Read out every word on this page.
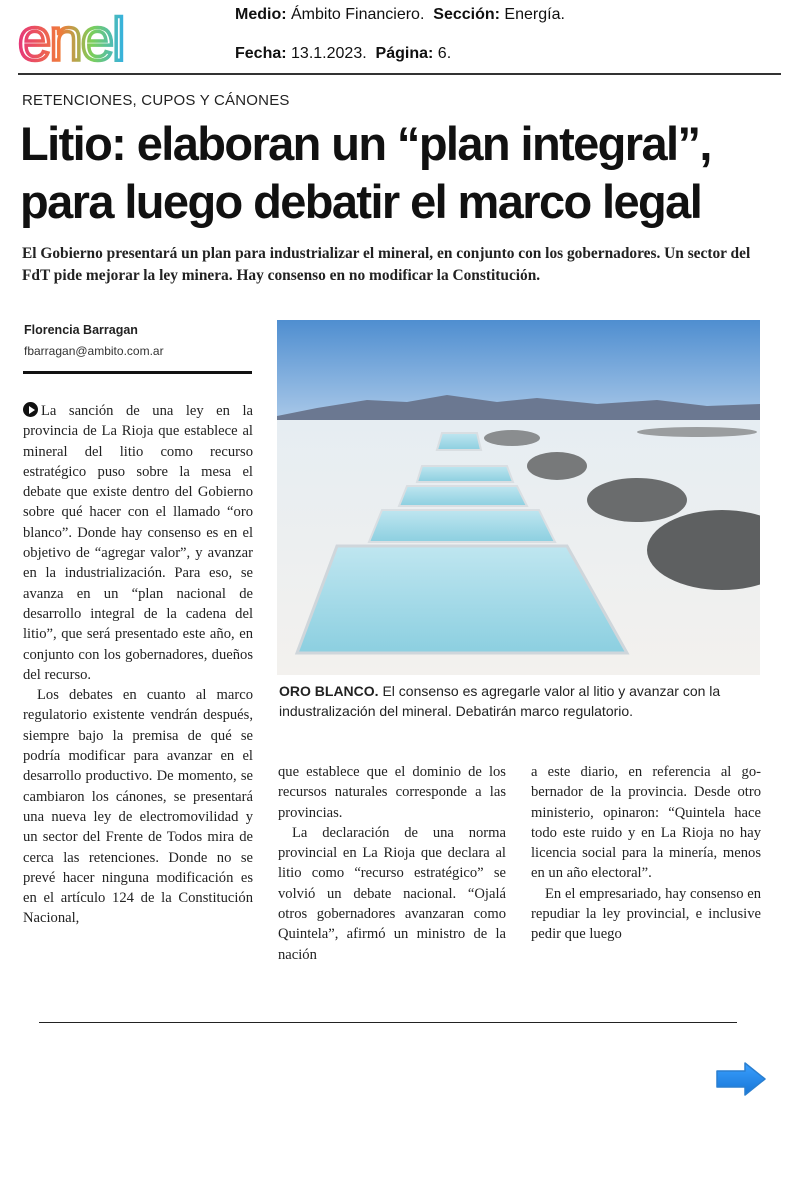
enel	Medio: Ámbito Financiero. Sección: Energía.
Fecha: 13.1.2023. Página: 6.
RETENCIONES, CUPOS Y CÁNONES
Litio: elaboran un “plan integral”,
para luego debatir el marco legal
El Gobierno presentará un plan para industrializar el mineral, en conjunto con los gobernadores. Un sector del FdT pide mejorar la ley minera. Hay consenso en no modificar la Constitución.
Florencia Barragan
fbarragan@ambito.com.ar

La sanción de una ley en la provincia de La Rioja que establece al mineral del litio como recurso estratégico puso sobre la mesa el debate que existe dentro del Gobierno sobre qué hacer con el llamado “oro blanco”. Donde hay consenso es en el objetivo de “agregar valor”, y avanzar en la industrialización. Para eso, se avanza en un “plan nacional de desarrollo integral de la cadena del litio”, que será presentado este año, en conjunto con los gobernadores, dueños del recurso.

Los debates en cuanto al marco regulatorio existente vendrán después, siempre bajo la premisa de qué se podría modificar para avanzar en el desarrollo productivo. De momento, se cambiaron los cánones, se presentará una nueva ley de electromovilidad y un sector del Frente de Todos mira de cerca las retenciones. Donde no se prevé hacer ninguna modificación es en el artículo 124 de la Constitución Nacional,

ORO BLANCO. El consenso es agregarle valor al litio y avanzar con la industralización del mineral. Debatirán marco regulatorio.

que establece que el dominio de los recursos naturales corresponde a las provincias.

La declaración de una norma provincial en La Rioja que declara al litio como “recurso estratégico” se volvió un debate nacional. “Ojalá otros gobernadores avanzaran como Quintela”, afirmó un ministro de la nación

a este diario, en referencia al gobernador de la provincia. Desde otro ministerio, opinaron: “Quintela hace todo este ruido y en La Rioja no hay licencia social para la minería, menos en un año electoral”.

En el empresariado, hay consenso en repudiar la ley provincial, e inclusive pedir que luego
